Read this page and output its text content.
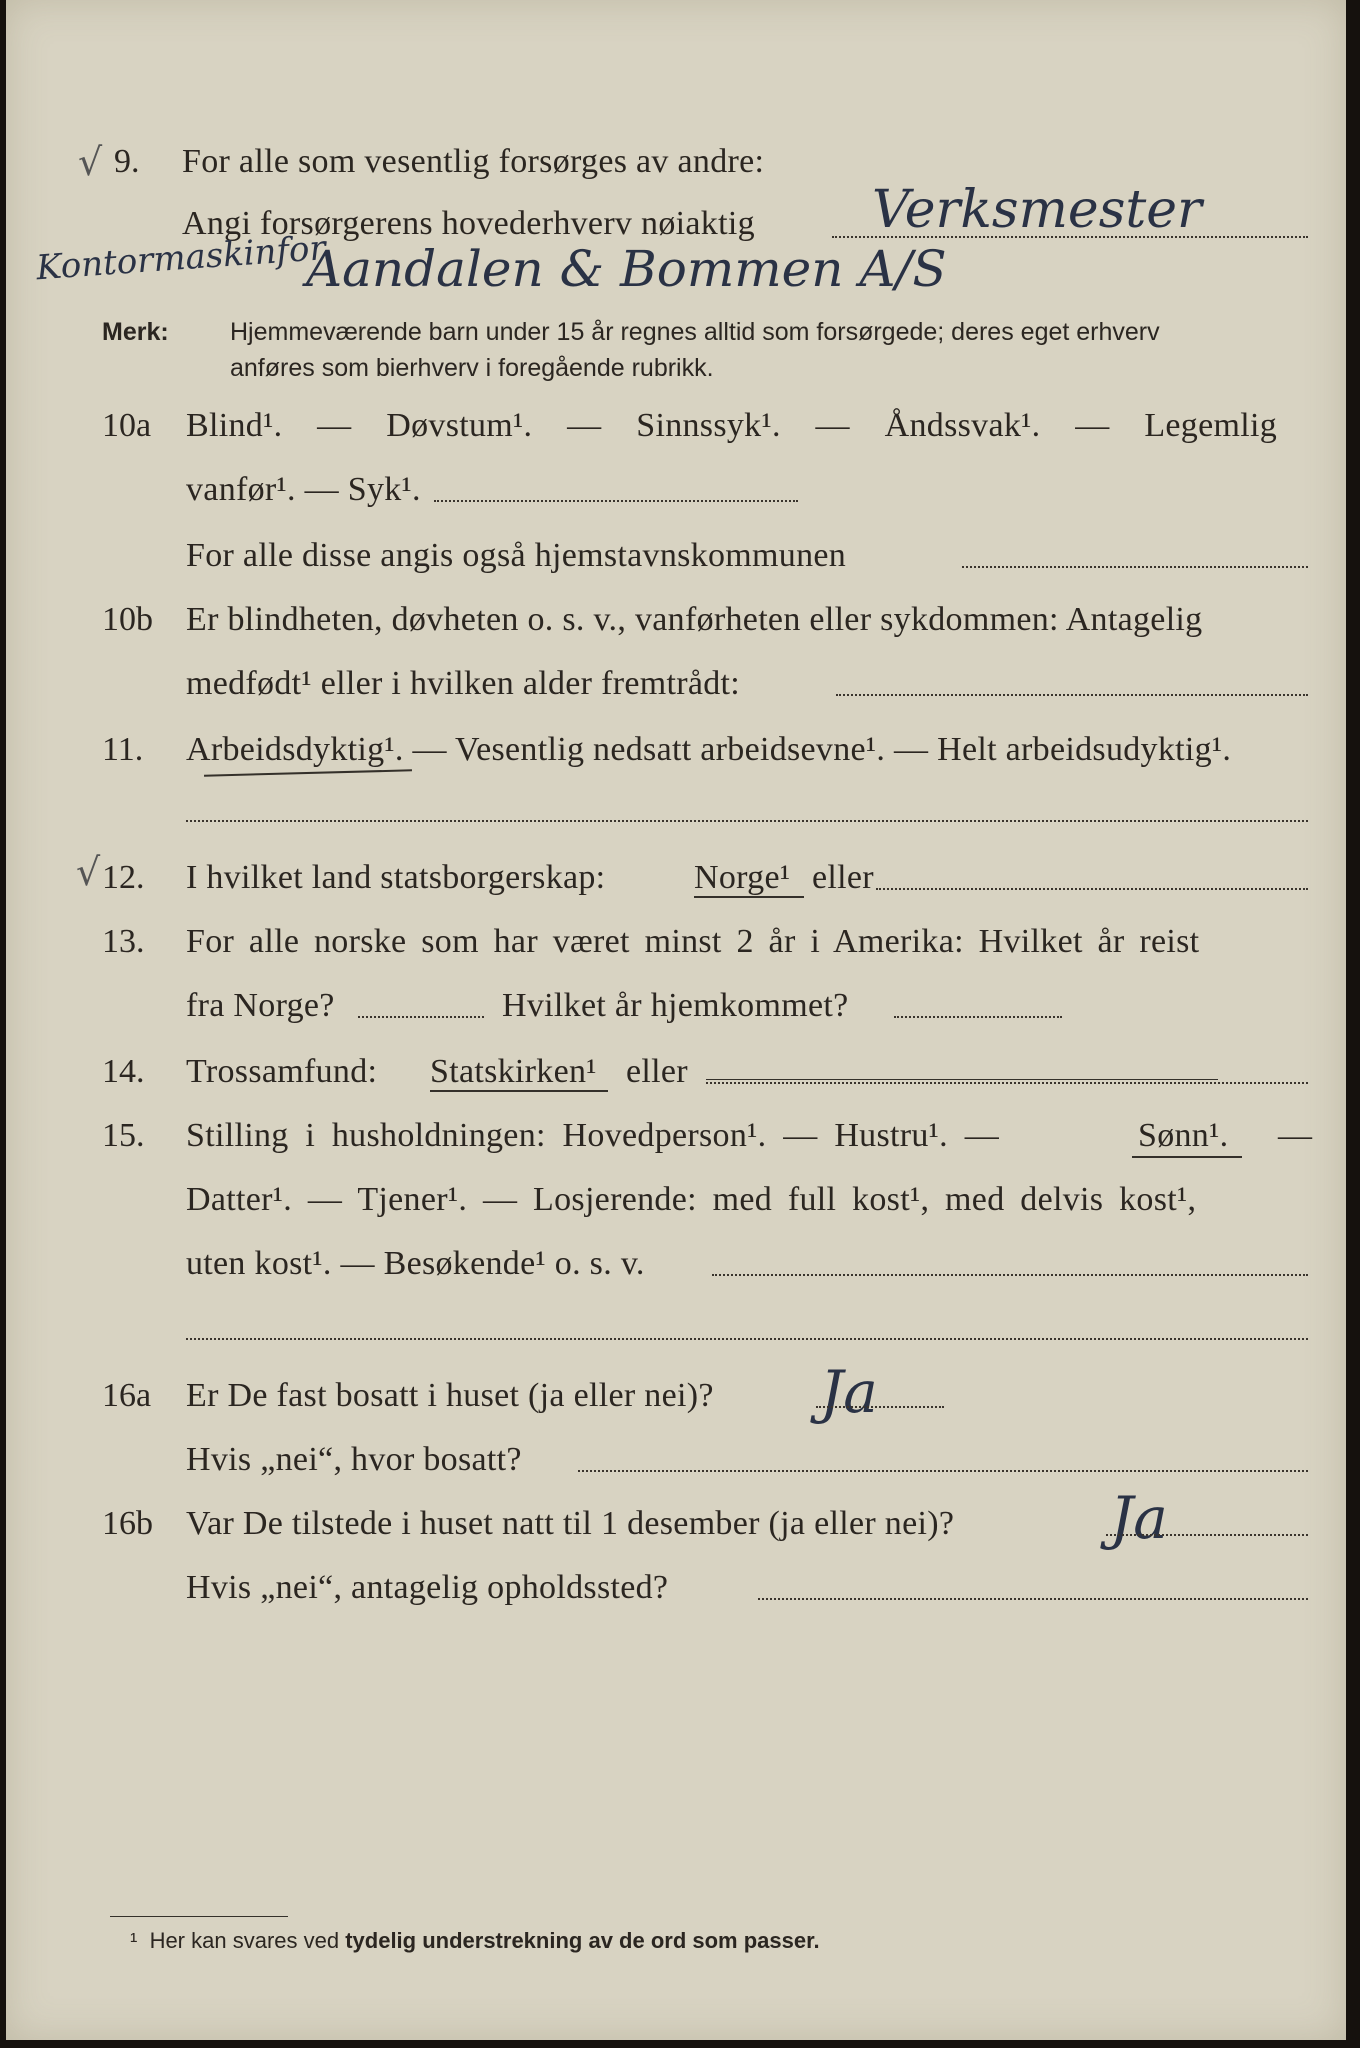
√ 9. For alle som vesentlig forsørges av andre:
Angi forsørgerens hovederhverv nøiaktig Verksmester
Kontormaskinfor.
Aandalen & Bommen A/S
Merk: Hjemmeværende barn under 15 år regnes alltid som forsørgede; deres eget erhverv
anføres som bierhverv i foregående rubrikk.
10a Blind¹. — Døvstum¹. — Sinnssyk¹. — Åndssvak¹. — Legemlig
vanfør¹. — Syk¹.
For alle disse angis også hjemstavnskommunen
10b Er blindheten, døvheten o. s. v., vanførheten eller sykdommen: Antagelig
medfødt¹ eller i hvilken alder fremtrådt:
11. Arbeidsdyktig¹. — Vesentlig nedsatt arbeidsevne¹. — Helt arbeidsudyktig¹.
√ 12. I hvilket land statsborgerskap:	Norge¹ eller
13. For alle norske som har været minst 2 år i Amerika: Hvilket år reist
fra Norge?	Hvilket år hjemkommet?
14. Trossamfund: Statskirken¹ eller
15. Stilling i husholdningen: Hovedperson¹. — Hustru¹. —	Sønn¹. —
Datter¹. — Tjener¹. — Losjerende: med full kost¹, med delvis kost¹,
uten kost¹. — Besøkende¹ o. s. v.
16a Er De fast bosatt i huset (ja eller nei)? Ja
Hvis „nei“, hvor bosatt?
16b Var De tilstede i huset natt til 1 desember (ja eller nei)?	Ja
Hvis „nei“, antagelig opholdssted?
¹ Her kan svares ved tydelig understrekning av de ord som passer.
